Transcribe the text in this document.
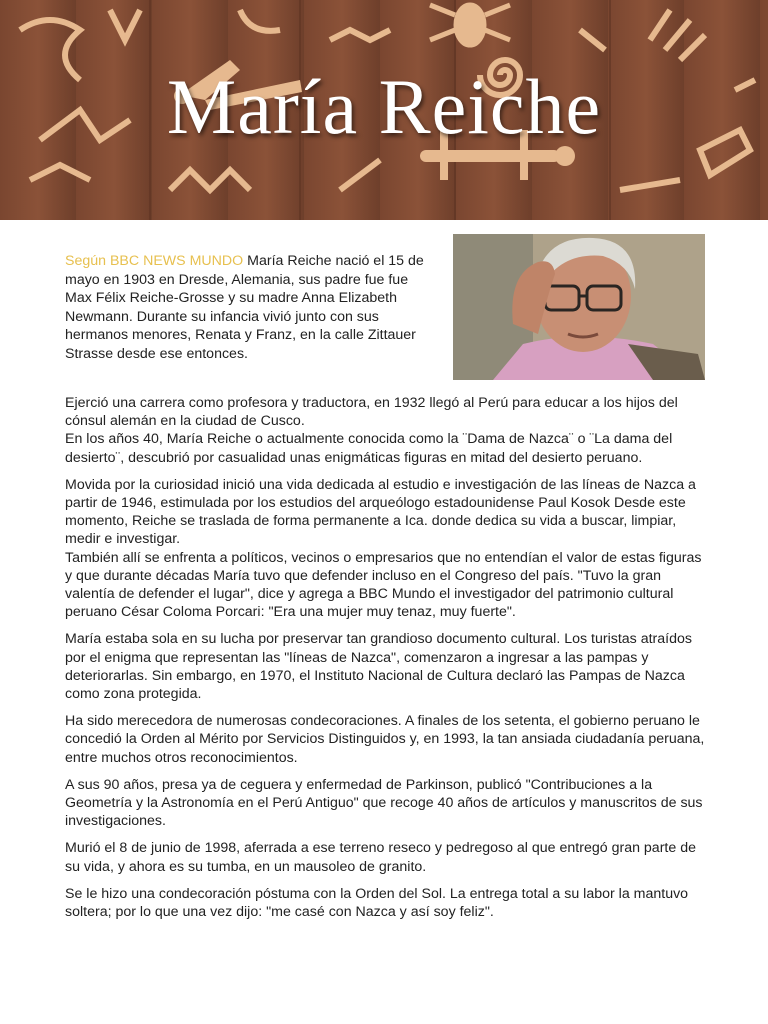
María Reiche

Según BBC NEWS MUNDO María Reiche nació el 15 de mayo en 1903 en Dresde, Alemania, sus padre fue fue Max Félix Reiche-Grosse y su madre Anna Elizabeth Newmann. Durante su infancia vivió junto con sus hermanos menores, Renata y Franz, en la calle Zittauer Strasse desde ese entonces.

Ejerció una carrera como profesora y traductora, en 1932 llegó al Perú para educar a los hijos del cónsul alemán en la ciudad de Cusco.
En los años 40, María Reiche o actualmente conocida como la ¨Dama de Nazca¨ o ¨La dama del desierto¨, descubrió por casualidad unas enigmáticas figuras en mitad del desierto peruano.

Movida por la curiosidad inició una vida dedicada al estudio e investigación de las líneas de Nazca a partir de 1946, estimulada por los estudios del arqueólogo estadounidense Paul Kosok Desde este momento, Reiche se traslada de forma permanente a Ica. donde dedica su vida a buscar, limpiar, medir e investigar.
También allí se enfrenta a políticos, vecinos o empresarios que no entendían el valor de estas figuras y que durante décadas María tuvo que defender incluso en el Congreso del país. "Tuvo la gran valentía de defender el lugar", dice y agrega a BBC Mundo el investigador del patrimonio cultural peruano César Coloma Porcari: "Era una mujer muy tenaz, muy fuerte".

María estaba sola en su lucha por preservar tan grandioso documento cultural. Los turistas atraídos por el enigma que representan las "líneas de Nazca", comenzaron a ingresar a las pampas y deteriorarlas. Sin embargo, en 1970, el Instituto Nacional de Cultura declaró las Pampas de Nazca como zona protegida.

Ha sido merecedora de numerosas condecoraciones. A finales de los setenta, el gobierno peruano le concedió la Orden al Mérito por Servicios Distinguidos y, en 1993, la tan ansiada ciudadanía peruana, entre muchos otros reconocimientos.

A sus 90 años, presa ya de ceguera y enfermedad de Parkinson, publicó "Contribuciones a la Geometría y la Astronomía en el Perú Antiguo" que recoge 40 años de artículos y manuscritos de sus investigaciones.

Murió el 8 de junio de 1998, aferrada a ese terreno reseco y pedregoso al que entregó gran parte de su vida, y ahora es su tumba, en un mausoleo de granito.

Se le hizo una condecoración póstuma con la Orden del Sol. La entrega total a su labor la mantuvo soltera; por lo que una vez dijo: "me casé con Nazca y así soy feliz".
